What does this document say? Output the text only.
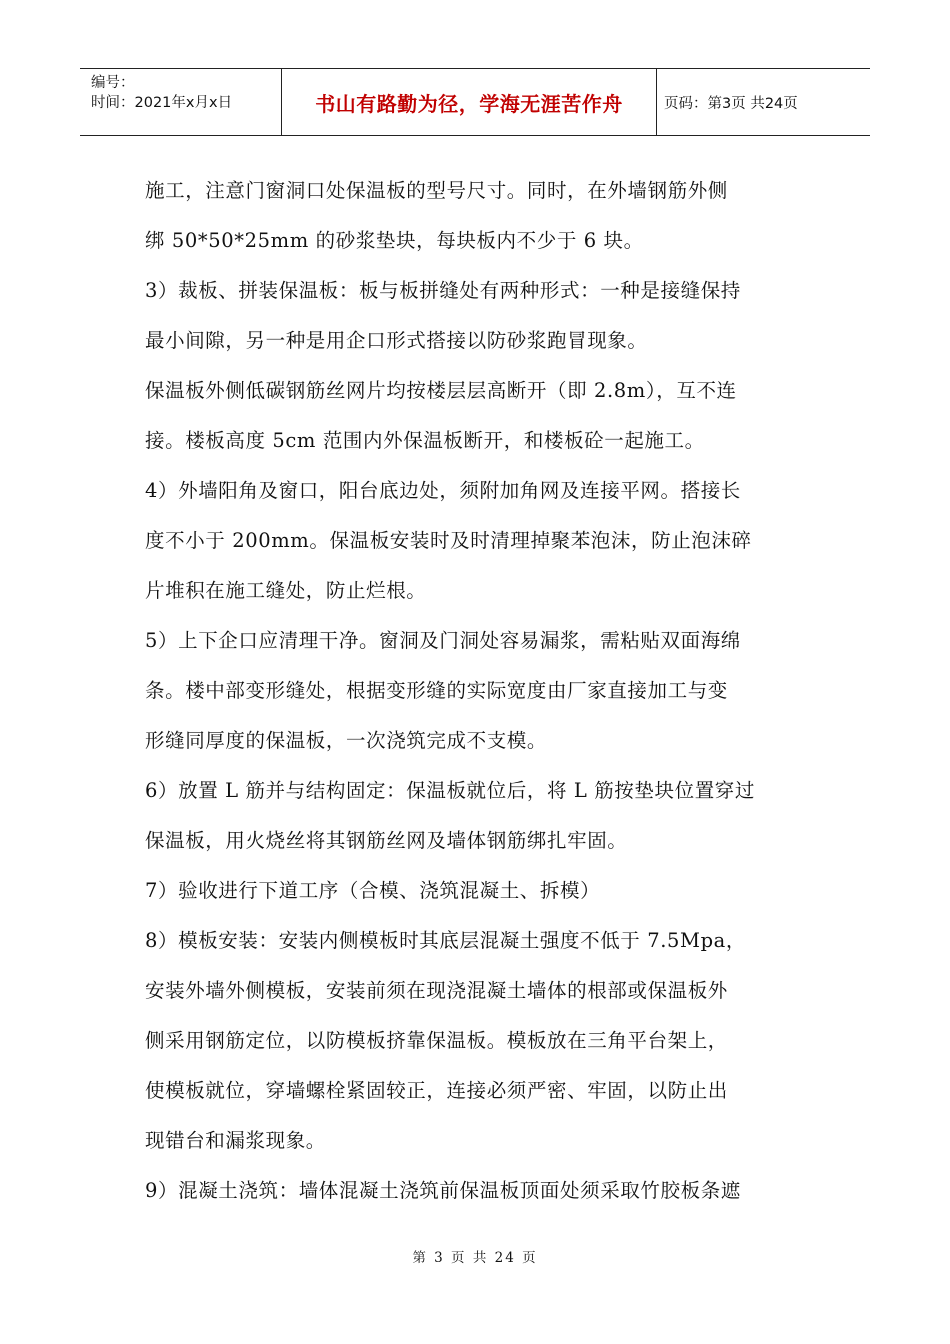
编号：
时间：2021年x月x日	书山有路勤为径，学海无涯苦作舟	页码：第3页 共24页

施工，注意门窗洞口处保温板的型号尺寸。同时，在外墙钢筋外侧

绑 50*50*25mm 的砂浆垫块，每块板内不少于 6 块。

3）裁板、拼装保温板：板与板拼缝处有两种形式：一种是接缝保持

最小间隙，另一种是用企口形式搭接以防砂浆跑冒现象。

保温板外侧低碳钢筋丝网片均按楼层层高断开（即 2.8m），互不连

接。楼板高度 5cm 范围内外保温板断开，和楼板砼一起施工。

4）外墙阳角及窗口，阳台底边处，须附加角网及连接平网。搭接长

度不小于 200mm。保温板安装时及时清理掉聚苯泡沫，防止泡沫碎

片堆积在施工缝处，防止烂根。

5）上下企口应清理干净。窗洞及门洞处容易漏浆，需粘贴双面海绵

条。楼中部变形缝处，根据变形缝的实际宽度由厂家直接加工与变

形缝同厚度的保温板，一次浇筑完成不支模。

6）放置 L 筋并与结构固定：保温板就位后，将 L 筋按垫块位置穿过

保温板，用火烧丝将其钢筋丝网及墙体钢筋绑扎牢固。

7）验收进行下道工序（合模、浇筑混凝土、拆模）

8）模板安装：安装内侧模板时其底层混凝土强度不低于 7.5Mpa，

安装外墙外侧模板，安装前须在现浇混凝土墙体的根部或保温板外

侧采用钢筋定位，以防模板挤靠保温板。模板放在三角平台架上，

使模板就位，穿墙螺栓紧固较正，连接必须严密、牢固，以防止出

现错台和漏浆现象。

9）混凝土浇筑：墙体混凝土浇筑前保温板顶面处须采取竹胶板条遮

第 3 页 共 24 页
